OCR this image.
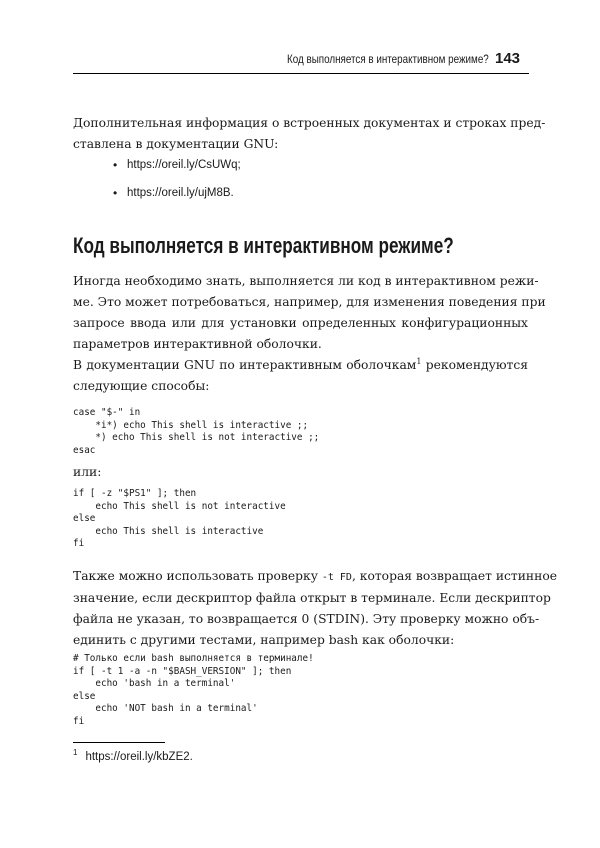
Код выполняется в интерактивном режиме? 143

Дополнительная информация о встроенных документах и строках пред-
ставлена в документации GNU:

• https://oreil.ly/CsUWq;
• https://oreil.ly/ujM8B.
Код выполняется в интерактивном режиме?

Иногда необходимо знать, выполняется ли код в интерактивном режи-
ме. Это может потребоваться, например, для изменения поведения при
запросе ввода или для установки определенных конфигурационных
параметров интерактивной оболочки.

В документации GNU по интерактивным оболочкам$^1$ рекомендуются
следующие способы:

case "$-" in
*i*) echo This shell is interactive ;;
*) echo This shell is not interactive ;;
esac

или:

if [ -z "$PS1" ]; then
echo This shell is not interactive
else
echo This shell is interactive
fi

Также можно использовать проверку -t FD, которая возвращает истинное
значение, если дескриптор файла открыт в терминале. Если дескриптор
файла не указан, то возвращается 0 (STDIN). Эту проверку можно объ-
единить с другими тестами, например bash как оболочки:

# Только если bash выполняется в терминале!
if [ -t 1 -a -n "$BASH_VERSION" ]; then
echo 'bash in a terminal'
else
echo 'NOT bash in a terminal'
fi
$^1$ https://oreil.ly/kbZE2.
